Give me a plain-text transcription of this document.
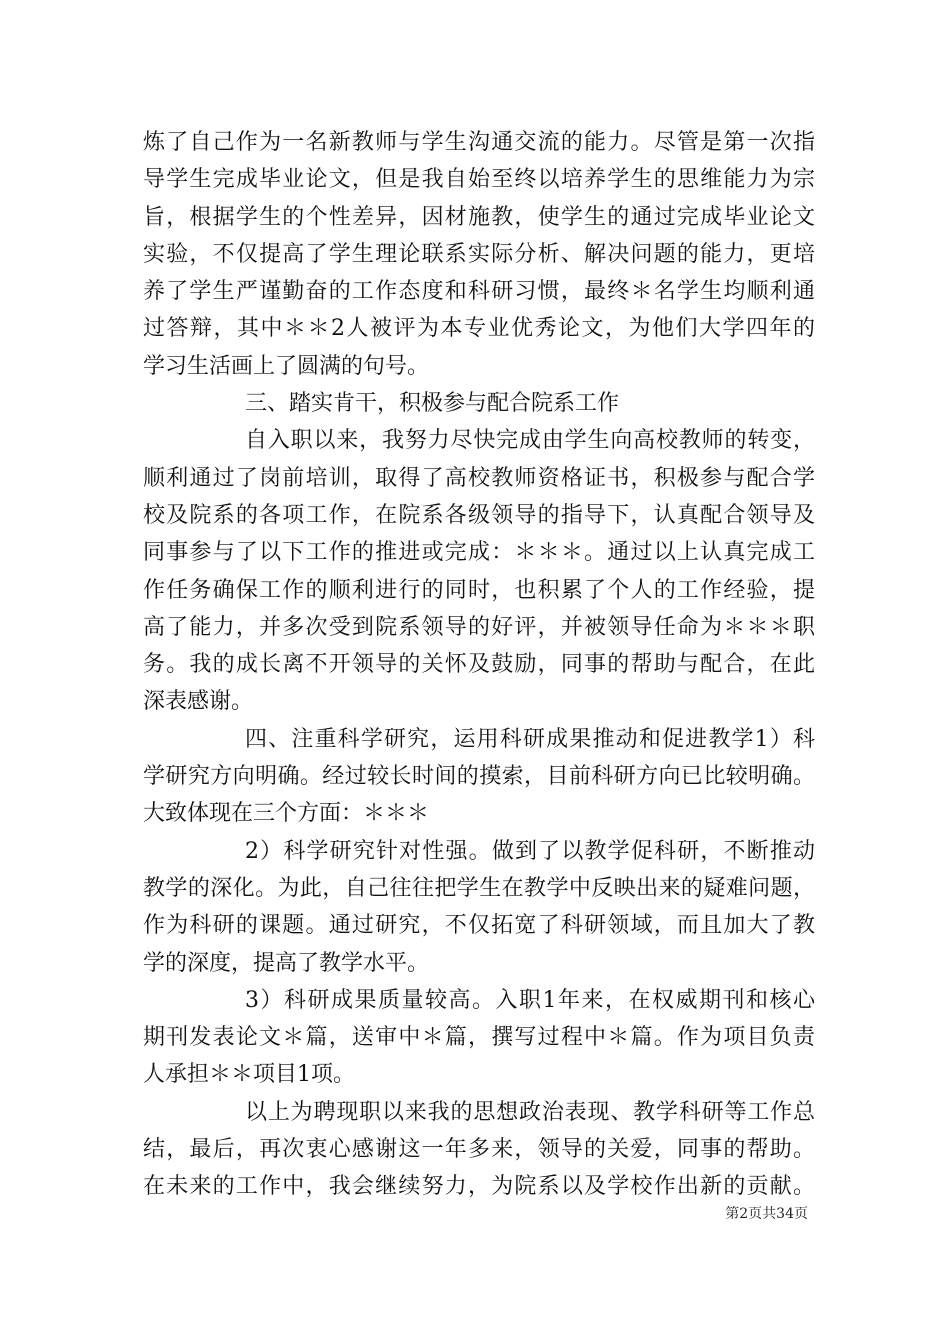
炼了自己作为一名新教师与学生沟通交流的能力。尽管是第一次指
导学生完成毕业论文，但是我自始至终以培养学生的思维能力为宗
旨，根据学生的个性差异，因材施教，使学生的通过完成毕业论文
实验，不仅提高了学生理论联系实际分析、解决问题的能力，更培
养了学生严谨勤奋的工作态度和科研习惯，最终＊名学生均顺利通
过答辩，其中＊＊2人被评为本专业优秀论文，为他们大学四年的
学习生活画上了圆满的句号。
三、踏实肯干，积极参与配合院系工作
自入职以来，我努力尽快完成由学生向高校教师的转变，
顺利通过了岗前培训，取得了高校教师资格证书，积极参与配合学
校及院系的各项工作，在院系各级领导的指导下，认真配合领导及
同事参与了以下工作的推进或完成：＊＊＊。通过以上认真完成工
作任务确保工作的顺利进行的同时，也积累了个人的工作经验，提
高了能力，并多次受到院系领导的好评，并被领导任命为＊＊＊职
务。我的成长离不开领导的关怀及鼓励，同事的帮助与配合，在此
深表感谢。
四、注重科学研究，运用科研成果推动和促进教学1）科
学研究方向明确。经过较长时间的摸索，目前科研方向已比较明确。
大致体现在三个方面：＊＊＊
2）科学研究针对性强。做到了以教学促科研，不断推动
教学的深化。为此，自己往往把学生在教学中反映出来的疑难问题，
作为科研的课题。通过研究，不仅拓宽了科研领域，而且加大了教
学的深度，提高了教学水平。
3）科研成果质量较高。入职1年来，在权威期刊和核心
期刊发表论文＊篇，送审中＊篇，撰写过程中＊篇。作为项目负责
人承担＊＊项目1项。
以上为聘现职以来我的思想政治表现、教学科研等工作总
结，最后，再次衷心感谢这一年多来，领导的关爱，同事的帮助。
在未来的工作中，我会继续努力，为院系以及学校作出新的贡献。
第2页共34页
